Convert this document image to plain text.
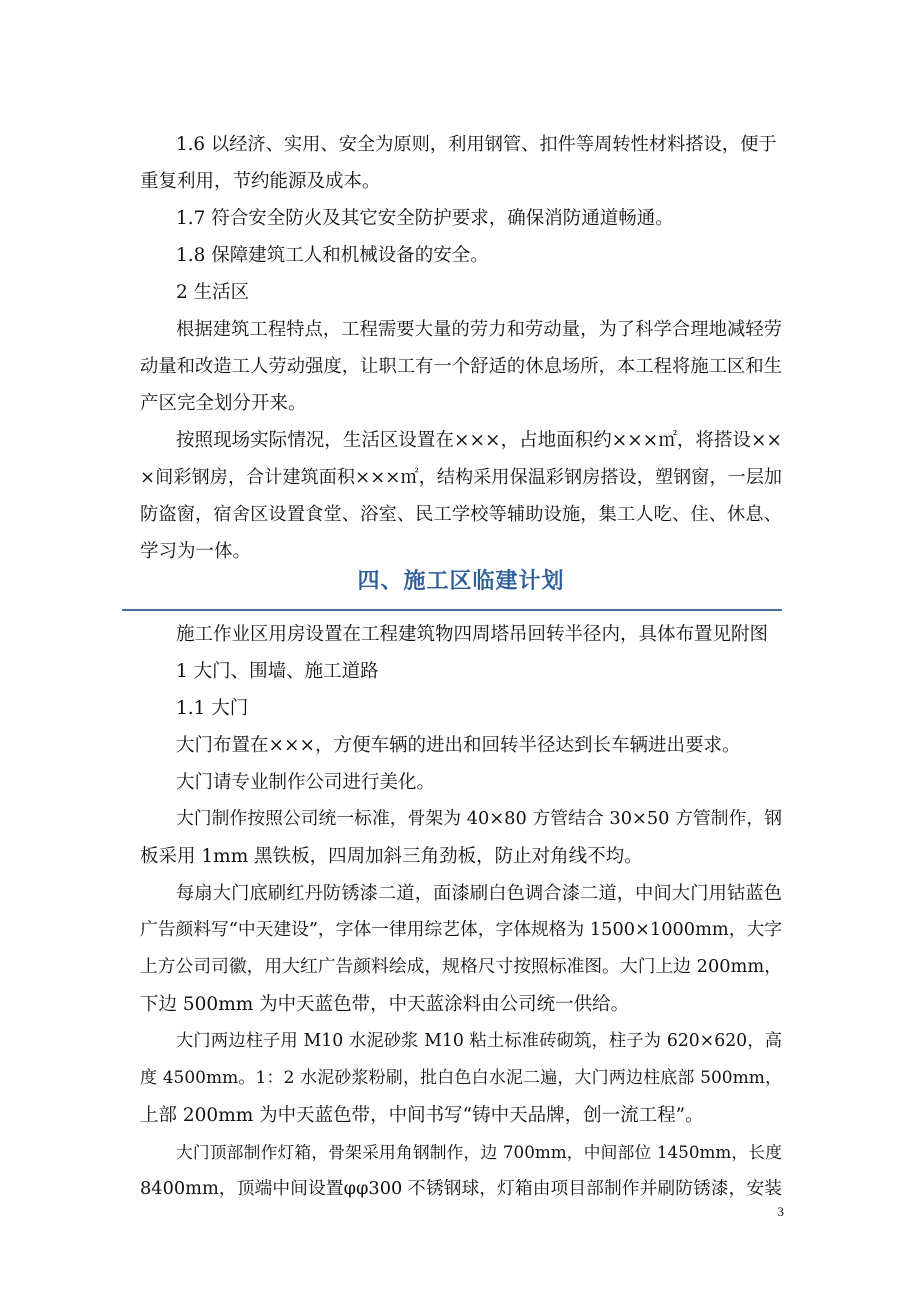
1.6 以经济、实用、安全为原则，利用钢管、扣件等周转性材料搭设，便于

重复利用，节约能源及成本。

1.7 符合安全防火及其它安全防护要求，确保消防通道畅通。

1.8 保障建筑工人和机械设备的安全。

2 生活区

根据建筑工程特点，工程需要大量的劳力和劳动量，为了科学合理地减轻劳

动量和改造工人劳动强度，让职工有一个舒适的休息场所，本工程将施工区和生

产区完全划分开来。

按照现场实际情况，生活区设置在×××，占地面积约×××㎡，将搭设××

×间彩钢房，合计建筑面积×××㎡，结构采用保温彩钢房搭设，塑钢窗，一层加

防盗窗，宿舍区设置食堂、浴室、民工学校等辅助设施，集工人吃、住、休息、

学习为一体。

四、施工区临建计划

施工作业区用房设置在工程建筑物四周塔吊回转半径内，具体布置见附图

1 大门、围墙、施工道路

1.1 大门

大门布置在×××，方便车辆的进出和回转半径达到长车辆进出要求。

大门请专业制作公司进行美化。

大门制作按照公司统一标准，骨架为 40×80 方管结合 30×50 方管制作，钢

板采用 1mm 黑铁板，四周加斜三角劲板，防止对角线不均。

每扇大门底刷红丹防锈漆二道，面漆刷白色调合漆二道，中间大门用钴蓝色

广告颜料写“中天建设”，字体一律用综艺体，字体规格为 1500×1000mm，大字

上方公司司徽，用大红广告颜料绘成，规格尺寸按照标准图。大门上边 200mm，

下边 500mm 为中天蓝色带，中天蓝涂料由公司统一供给。

大门两边柱子用 M10 水泥砂浆 M10 粘土标准砖砌筑，柱子为 620×620，高

度 4500mm。1：2 水泥砂浆粉刷，批白色白水泥二遍，大门两边柱底部 500mm，

上部 200mm 为中天蓝色带，中间书写“铸中天品牌，创一流工程”。

大门顶部制作灯箱，骨架采用角钢制作，边 700mm，中间部位 1450mm，长度

8400mm，顶端中间设置φφ300 不锈钢球，灯箱由项目部制作并刷防锈漆，安装

3
